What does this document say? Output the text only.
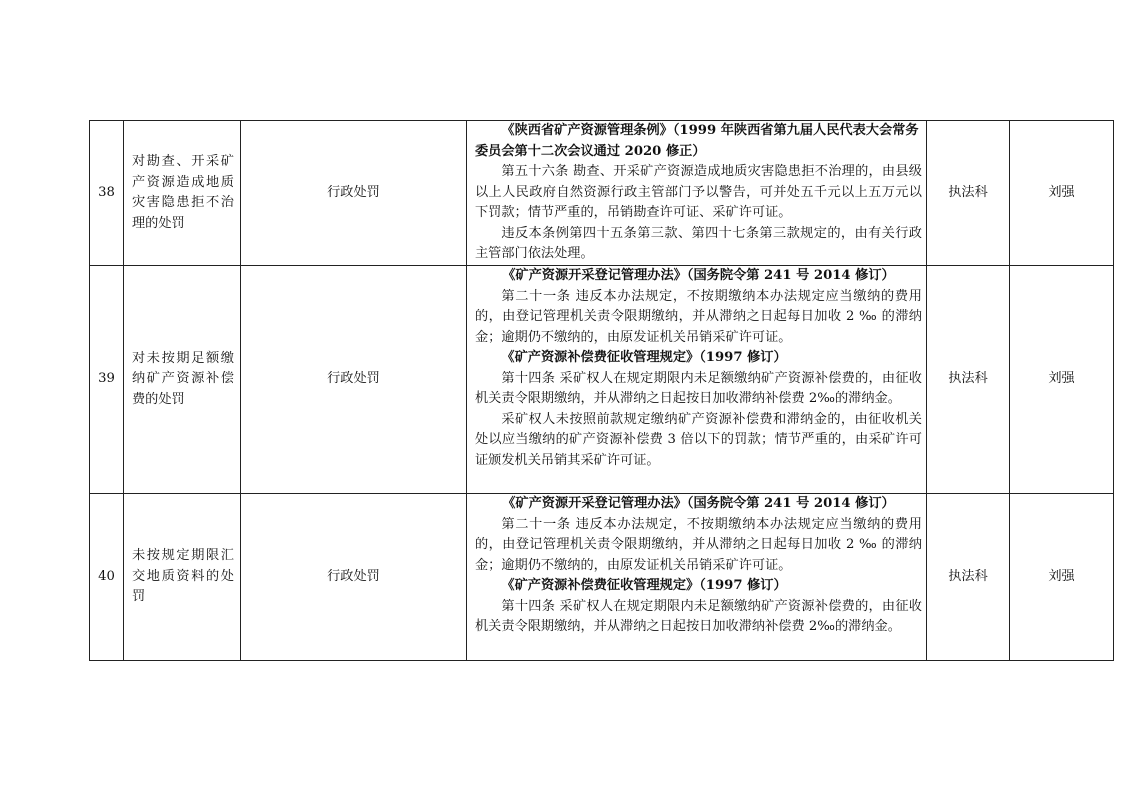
38	对勘查、开采矿产资源造成地质灾害隐患拒不治理的处罚	行政处罚	《陕西省矿产资源管理条例》（1999 年陕西省第九届人民代表大会常务委员会第十二次会议通过 2020 修正）

第五十六条 勘查、开采矿产资源造成地质灾害隐患拒不治理的，由县级以上人民政府自然资源行政主管部门予以警告，可并处五千元以上五万元以下罚款；情节严重的，吊销勘查许可证、采矿许可证。

违反本条例第四十五条第三款、第四十七条第三款规定的，由有关行政主管部门依法处理。	执法科	刘强
39	对未按期足额缴纳矿产资源补偿费的处罚	行政处罚	《矿产资源开采登记管理办法》（国务院令第 241 号 2014 修订）

第二十一条 违反本办法规定，不按期缴纳本办法规定应当缴纳的费用的，由登记管理机关责令限期缴纳，并从滞纳之日起每日加收 2 ‰ 的滞纳金；逾期仍不缴纳的，由原发证机关吊销采矿许可证。

《矿产资源补偿费征收管理规定》（1997 修订）

第十四条 采矿权人在规定期限内未足额缴纳矿产资源补偿费的，由征收机关责令限期缴纳，并从滞纳之日起按日加收滞纳补偿费 2‰的滞纳金。

采矿权人未按照前款规定缴纳矿产资源补偿费和滞纳金的，由征收机关处以应当缴纳的矿产资源补偿费 3 倍以下的罚款；情节严重的，由采矿许可证颁发机关吊销其采矿许可证。	执法科	刘强
40	未按规定期限汇交地质资料的处罚	行政处罚	《矿产资源开采登记管理办法》（国务院令第 241 号 2014 修订）

第二十一条 违反本办法规定，不按期缴纳本办法规定应当缴纳的费用的，由登记管理机关责令限期缴纳，并从滞纳之日起每日加收 2 ‰ 的滞纳金；逾期仍不缴纳的，由原发证机关吊销采矿许可证。

《矿产资源补偿费征收管理规定》（1997 修订）

第十四条 采矿权人在规定期限内未足额缴纳矿产资源补偿费的，由征收机关责令限期缴纳，并从滞纳之日起按日加收滞纳补偿费 2‰的滞纳金。	执法科	刘强
